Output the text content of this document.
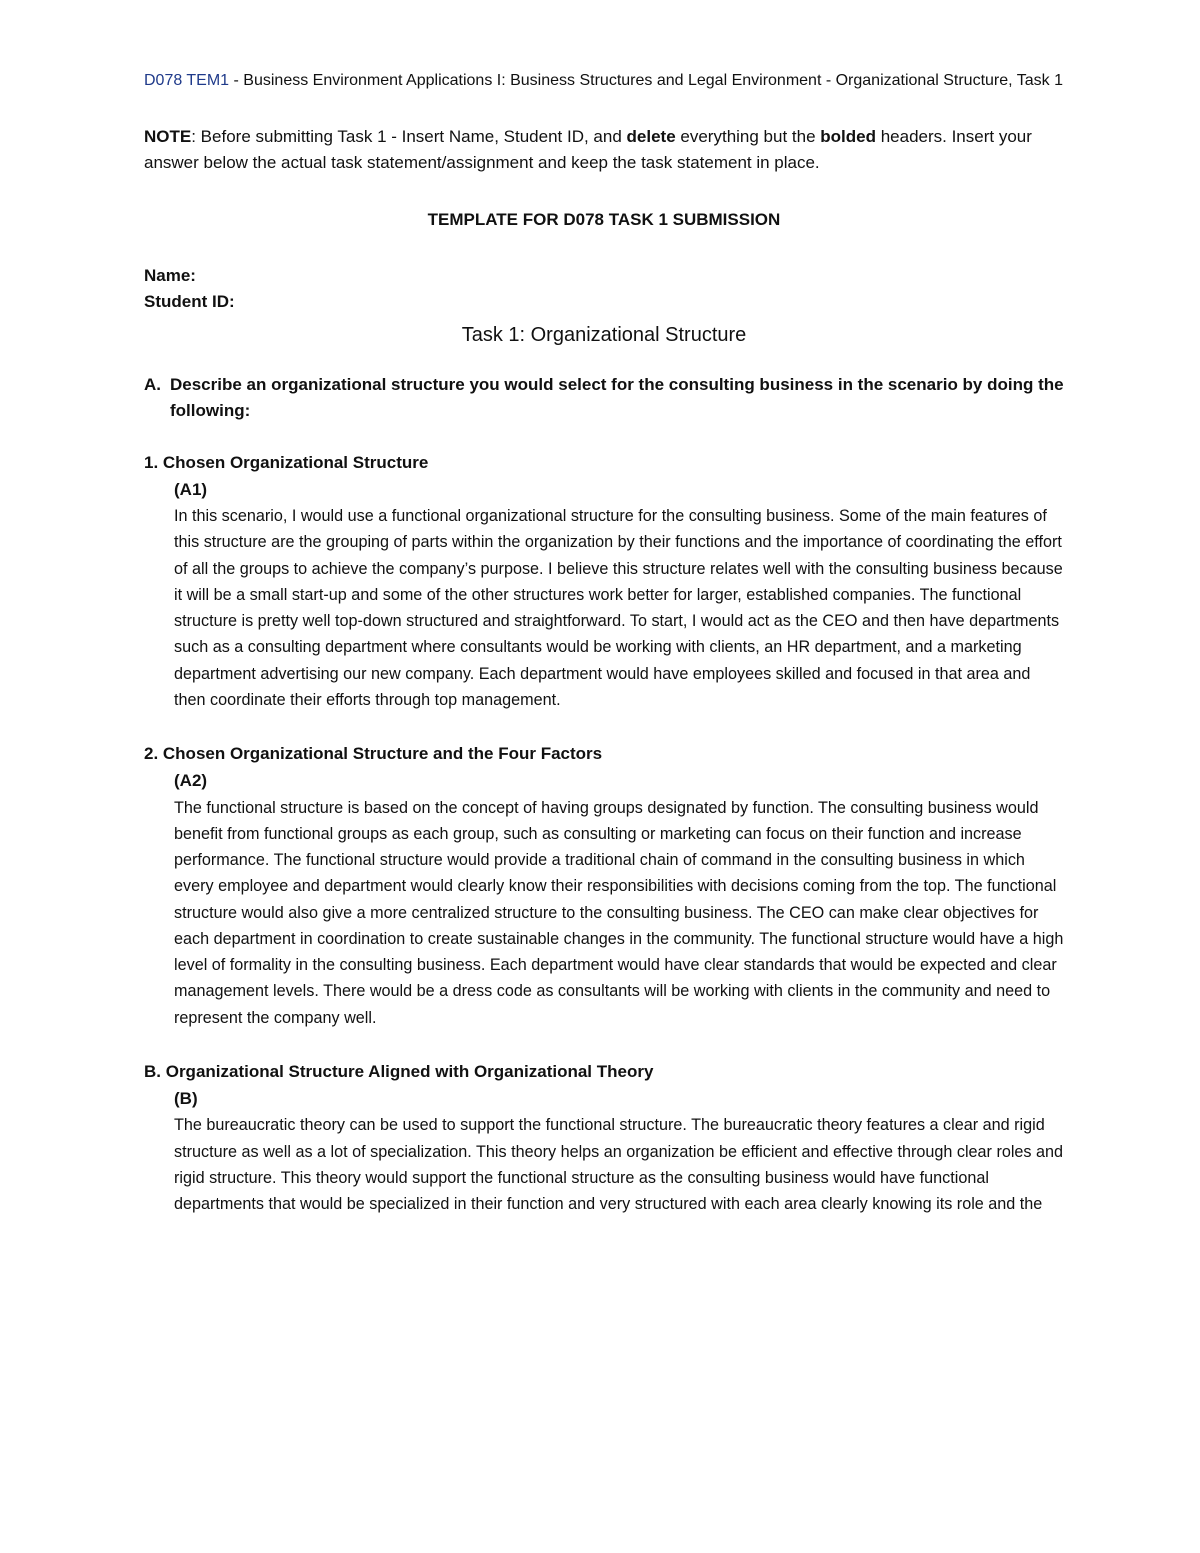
D078 TEM1 - Business Environment Applications I: Business Structures and Legal Environment - Organizational Structure, Task 1

NOTE: Before submitting Task 1 - Insert Name, Student ID, and delete everything but the bolded headers. Insert your answer below the actual task statement/assignment and keep the task statement in place.

TEMPLATE FOR D078 TASK 1 SUBMISSION

Name:
Student ID:

Task 1: Organizational Structure

A. Describe an organizational structure you would select for the consulting business in the scenario by doing the following:
1. Chosen Organizational Structure
(A1)

In this scenario, I would use a functional organizational structure for the consulting business. Some of the main features of this structure are the grouping of parts within the organization by their functions and the importance of coordinating the effort of all the groups to achieve the company’s purpose. I believe this structure relates well with the consulting business because it will be a small start-up and some of the other structures work better for larger, established companies. The functional structure is pretty well top-down structured and straightforward. To start, I would act as the CEO and then have departments such as a consulting department where consultants would be working with clients, an HR department, and a marketing department advertising our new company. Each department would have employees skilled and focused in that area and then coordinate their efforts through top management.

2. Chosen Organizational Structure and the Four Factors
(A2)

The functional structure is based on the concept of having groups designated by function. The consulting business would benefit from functional groups as each group, such as consulting or marketing can focus on their function and increase performance. The functional structure would provide a traditional chain of command in the consulting business in which every employee and department would clearly know their responsibilities with decisions coming from the top. The functional structure would also give a more centralized structure to the consulting business. The CEO can make clear objectives for each department in coordination to create sustainable changes in the community. The functional structure would have a high level of formality in the consulting business. Each department would have clear standards that would be expected and clear management levels. There would be a dress code as consultants will be working with clients in the community and need to represent the company well.

B. Organizational Structure Aligned with Organizational Theory
(B)

The bureaucratic theory can be used to support the functional structure. The bureaucratic theory features a clear and rigid structure as well as a lot of specialization. This theory helps an organization be efficient and effective through clear roles and rigid structure. This theory would support the functional structure as the consulting business would have functional departments that would be specialized in their function and very structured with each area clearly knowing its role and the
